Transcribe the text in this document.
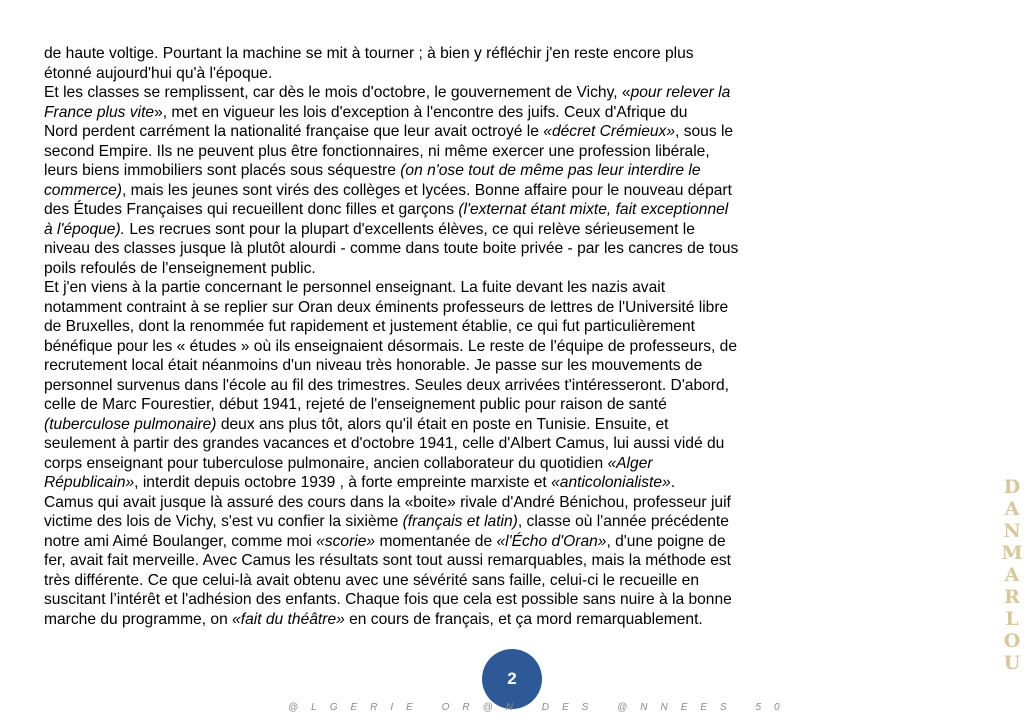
de haute voltige. Pourtant la machine se mit à tourner ; à bien y réfléchir j'en reste encore plus
étonné aujourd'hui qu'à l'époque.
Et les classes se remplissent, car dès le mois d'octobre, le gouvernement de Vichy, «pour relever la
France plus vite», met en vigueur les lois d'exception à l'encontre des juifs. Ceux d'Afrique du
Nord perdent carrément la nationalité française que leur avait octroyé le «décret Crémieux», sous le
second Empire. Ils ne peuvent plus être fonctionnaires, ni même exercer une profession libérale,
leurs biens immobiliers sont placés sous séquestre (on n'ose tout de même pas leur interdire le
commerce), mais les jeunes sont virés des collèges et lycées. Bonne affaire pour le nouveau départ
des Études Françaises qui recueillent donc filles et garçons (l'externat étant mixte, fait exceptionnel
à l'époque). Les recrues sont pour la plupart d'excellents élèves, ce qui relève sérieusement le
niveau des classes jusque là plutôt alourdi - comme dans toute boite privée - par les cancres de tous
poils refoulés de l'enseignement public.
Et j'en viens à la partie concernant le personnel enseignant. La fuite devant les nazis avait
notamment contraint à se replier sur Oran deux éminents professeurs de lettres de l'Université libre
de Bruxelles, dont la renommée fut rapidement et justement établie, ce qui fut particulièrement
bénéfique pour les « études » où ils enseignaient désormais. Le reste de l'équipe de professeurs, de
recrutement local était néanmoins d'un niveau très honorable. Je passe sur les mouvements de
personnel survenus dans l'école au fil des trimestres. Seules deux arrivées t'intéresseront. D'abord,
celle de Marc Fourestier, début 1941, rejeté de l'enseignement public pour raison de santé
(tuberculose pulmonaire) deux ans plus tôt, alors qu'il était en poste en Tunisie. Ensuite, et
seulement à partir des grandes vacances et d'octobre 1941, celle d'Albert Camus, lui aussi vidé du
corps enseignant pour tuberculose pulmonaire, ancien collaborateur du quotidien «Alger
Républicain», interdit depuis octobre 1939 , à forte empreinte marxiste et «anticolonialiste».
Camus qui avait jusque là assuré des cours dans la «boite» rivale d'André Bénichou, professeur juif
victime des lois de Vichy, s'est vu confier la sixième (français et latin), classe où l'année précédente
notre ami Aimé Boulanger, comme moi «scorie» momentanée de «l'Écho d'Oran», d'une poigne de
fer, avait fait merveille. Avec Camus les résultats sont tout aussi remarquables, mais la méthode est
très différente. Ce que celui-là avait obtenu avec une sévérité sans faille, celui-ci le recueille en
suscitant l’intérêt et l'adhésion des enfants. Chaque fois que cela est possible sans nuire à la bonne
marche du programme, on «fait du théâtre» en cours de français, et ça mord remarquablement.
2
@LGERIE OR@N DES @NNEES 50
DANMARLOU
